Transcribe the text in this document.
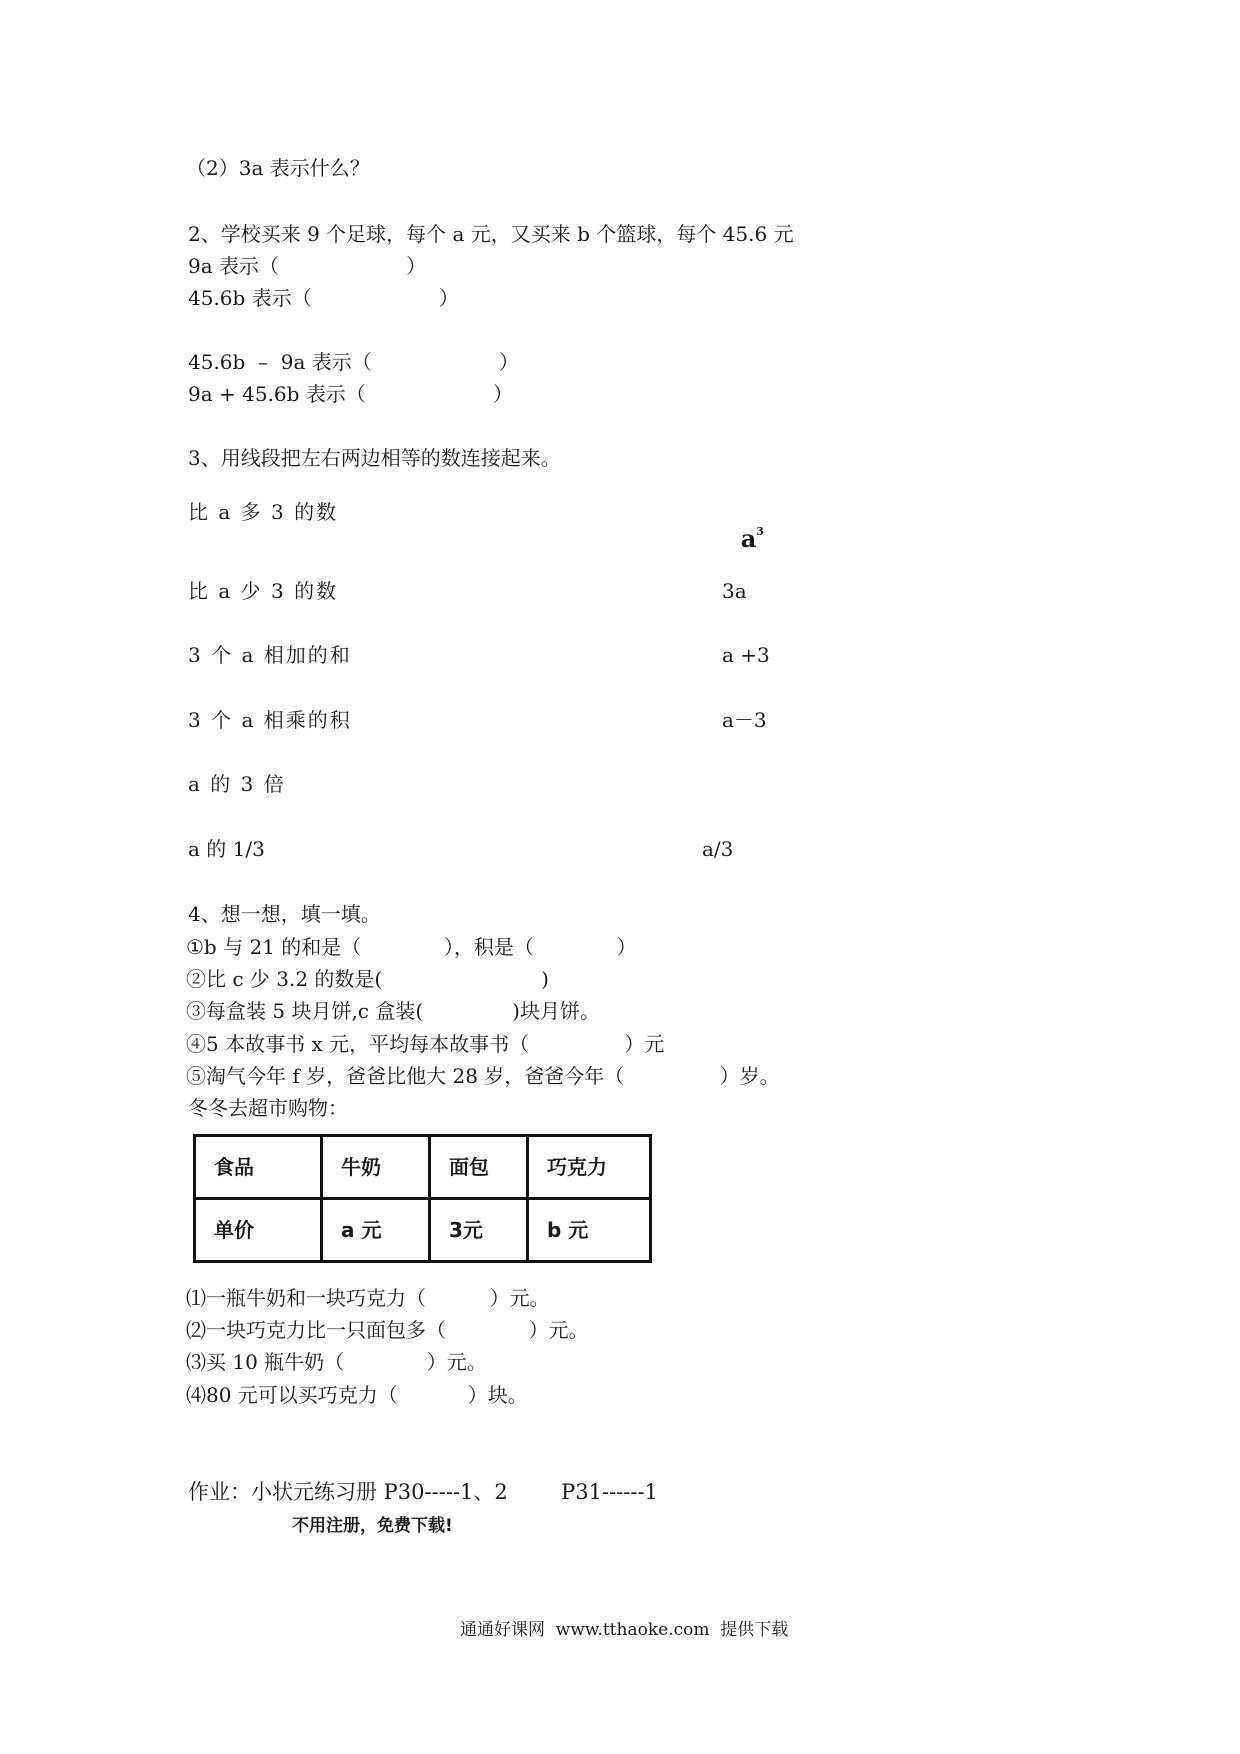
（2）3a 表示什么？
2、学校买来 9 个足球，每个 a 元，又买来 b 个篮球，每个 45.6 元
9a 表示（                    ）
45.6b 表示（                    ）
45.6b  –  9a 表示（                    ）
9a + 45.6b 表示（                    ）
3、用线段把左右两边相等的数连接起来。
比 a 多 3 的数
比 a 少 3 的数
3 个 a 相加的和
3 个 a 相乘的积
a 的 3 倍
a 的 1/3

$a^3$

3a
a +3
a－3
a/3
4、想一想，填一填。
①b 与 21 的和是（             ），积是（             ）
②比 c 少 3.2 的数是(                         )
③每盒装 5 块月饼,c 盒装(              )块月饼。
④5 本故事书 x 元，平均每本故事书（               ）元
⑤淘气今年 f 岁，爸爸比他大 28 岁，爸爸今年（               ）岁。
冬冬去超市购物：
食品	牛奶	面包	巧克力
单价	a 元	3元	b 元
⑴一瓶牛奶和一块巧克力（          ）元。
⑵一块巧克力比一只面包多（             ）元。
⑶买 10 瓶牛奶（             ）元。
⑷80 元可以买巧克力（           ）块。
作业：小状元练习册 P30-----1、2        P31------1
不用注册，免费下载!
通通好课网  www.tthaoke.com  提供下载
